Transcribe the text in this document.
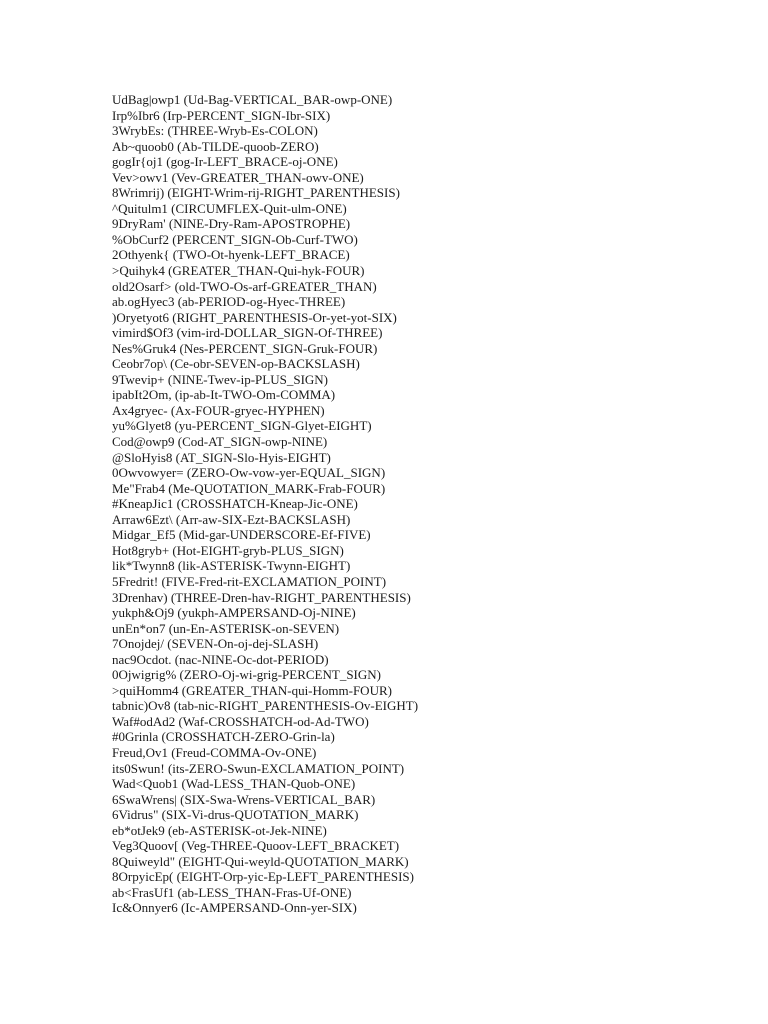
UdBag|owp1 (Ud-Bag-VERTICAL_BAR-owp-ONE)
Irp%Ibr6 (Irp-PERCENT_SIGN-Ibr-SIX)
3WrybEs: (THREE-Wryb-Es-COLON)
Ab~quoob0 (Ab-TILDE-quoob-ZERO)
gogIr{oj1 (gog-Ir-LEFT_BRACE-oj-ONE)
Vev>owv1 (Vev-GREATER_THAN-owv-ONE)
8Wrimrij) (EIGHT-Wrim-rij-RIGHT_PARENTHESIS)
^Quitulm1 (CIRCUMFLEX-Quit-ulm-ONE)
9DryRam' (NINE-Dry-Ram-APOSTROPHE)
%ObCurf2 (PERCENT_SIGN-Ob-Curf-TWO)
2Othyenk{ (TWO-Ot-hyenk-LEFT_BRACE)
>Quihyk4 (GREATER_THAN-Qui-hyk-FOUR)
old2Osarf> (old-TWO-Os-arf-GREATER_THAN)
ab.ogHyec3 (ab-PERIOD-og-Hyec-THREE)
)Oryetyot6 (RIGHT_PARENTHESIS-Or-yet-yot-SIX)
vimird$Of3 (vim-ird-DOLLAR_SIGN-Of-THREE)
Nes%Gruk4 (Nes-PERCENT_SIGN-Gruk-FOUR)
Ceobr7op\ (Ce-obr-SEVEN-op-BACKSLASH)
9Twevip+ (NINE-Twev-ip-PLUS_SIGN)
ipabIt2Om, (ip-ab-It-TWO-Om-COMMA)
Ax4gryec- (Ax-FOUR-gryec-HYPHEN)
yu%Glyet8 (yu-PERCENT_SIGN-Glyet-EIGHT)
Cod@owp9 (Cod-AT_SIGN-owp-NINE)
@SloHyis8 (AT_SIGN-Slo-Hyis-EIGHT)
0Owvowyer= (ZERO-Ow-vow-yer-EQUAL_SIGN)
Me"Frab4 (Me-QUOTATION_MARK-Frab-FOUR)
#KneapJic1 (CROSSHATCH-Kneap-Jic-ONE)
Arraw6Ezt\ (Arr-aw-SIX-Ezt-BACKSLASH)
Midgar_Ef5 (Mid-gar-UNDERSCORE-Ef-FIVE)
Hot8gryb+ (Hot-EIGHT-gryb-PLUS_SIGN)
lik*Twynn8 (lik-ASTERISK-Twynn-EIGHT)
5Fredrit! (FIVE-Fred-rit-EXCLAMATION_POINT)
3Drenhav) (THREE-Dren-hav-RIGHT_PARENTHESIS)
yukph&Oj9 (yukph-AMPERSAND-Oj-NINE)
unEn*on7 (un-En-ASTERISK-on-SEVEN)
7Onojdej/ (SEVEN-On-oj-dej-SLASH)
nac9Ocdot. (nac-NINE-Oc-dot-PERIOD)
0Ojwigrig% (ZERO-Oj-wi-grig-PERCENT_SIGN)
>quiHomm4 (GREATER_THAN-qui-Homm-FOUR)
tabnic)Ov8 (tab-nic-RIGHT_PARENTHESIS-Ov-EIGHT)
Waf#odAd2 (Waf-CROSSHATCH-od-Ad-TWO)
#0Grinla (CROSSHATCH-ZERO-Grin-la)
Freud,Ov1 (Freud-COMMA-Ov-ONE)
its0Swun! (its-ZERO-Swun-EXCLAMATION_POINT)
Wad<Quob1 (Wad-LESS_THAN-Quob-ONE)
6SwaWrens| (SIX-Swa-Wrens-VERTICAL_BAR)
6Vidrus" (SIX-Vi-drus-QUOTATION_MARK)
eb*otJek9 (eb-ASTERISK-ot-Jek-NINE)
Veg3Quoov[ (Veg-THREE-Quoov-LEFT_BRACKET)
8Quiweyld" (EIGHT-Qui-weyld-QUOTATION_MARK)
8OrpyicEp( (EIGHT-Orp-yic-Ep-LEFT_PARENTHESIS)
ab<FrasUf1 (ab-LESS_THAN-Fras-Uf-ONE)
Ic&Onnyer6 (Ic-AMPERSAND-Onn-yer-SIX)
